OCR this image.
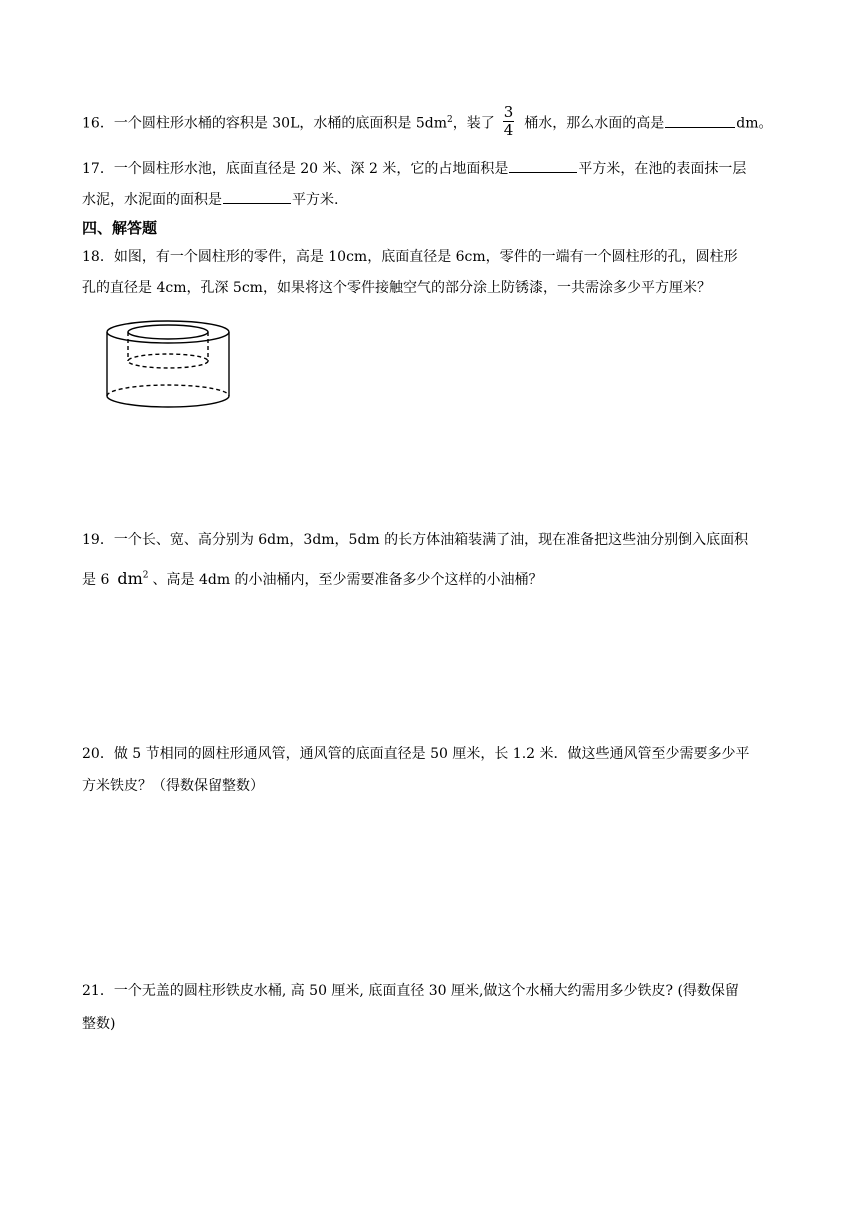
16．一个圆柱形水桶的容积是 30L，水桶的底面积是 $5dm^2$，装了 $\frac{3}{4}$ 桶水，那么水面的高是	dm。
17．一个圆柱形水池，底面直径是 20 米、深 2 米，它的占地面积是	平方米，在池的表面抹一层
水泥，水泥面的面积是	平方米.
四、解答题
18．如图，有一个圆柱形的零件，高是 10cm，底面直径是 6cm，零件的一端有一个圆柱形的孔，圆柱形
孔的直径是 4cm，孔深 5cm，如果将这个零件接触空气的部分涂上防锈漆，一共需涂多少平方厘米？
19．一个长、宽、高分别为 6dm，3dm，5dm 的长方体油箱装满了油，现在准备把这些油分别倒入底面积
是 6 $dm^2$ 、高是 4dm 的小油桶内，至少需要准备多少个这样的小油桶？
20．做 5 节相同的圆柱形通风管，通风管的底面直径是 50 厘米，长 1.2 米．做这些通风管至少需要多少平
方米铁皮？（得数保留整数）
21．一个无盖的圆柱形铁皮水桶, 高 50 厘米, 底面直径 30 厘米,做这个水桶大约需用多少铁皮? (得数保留
整数)
